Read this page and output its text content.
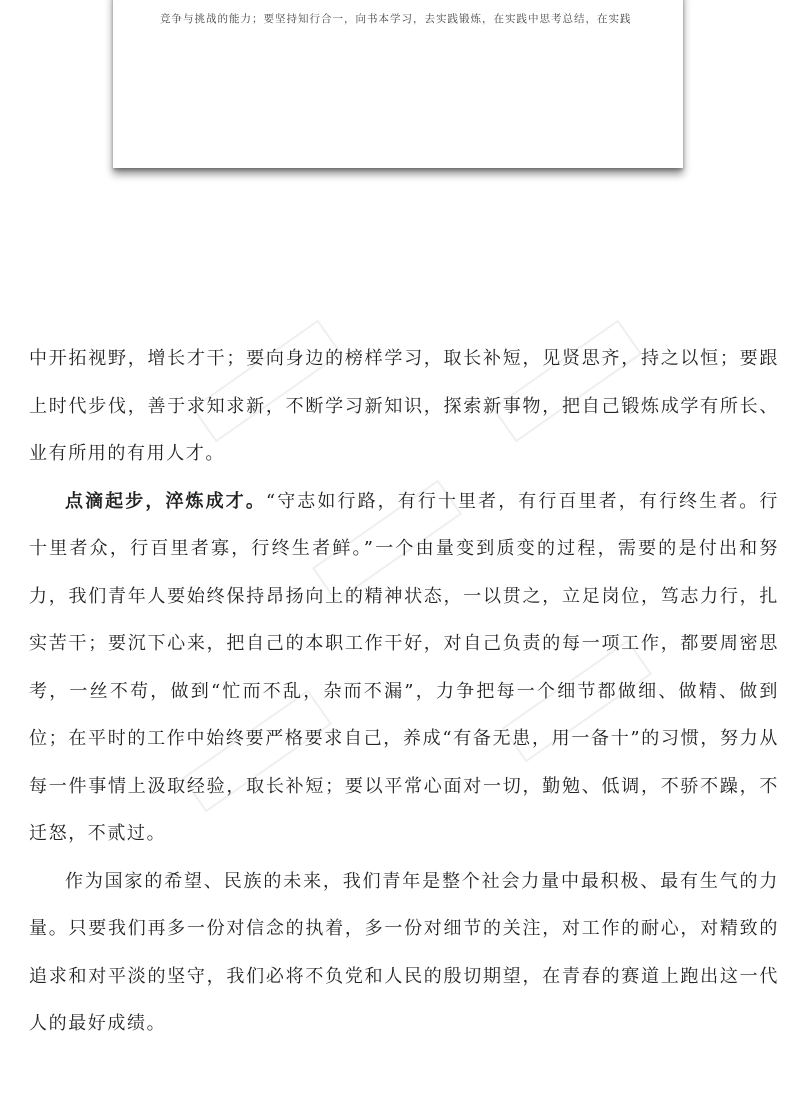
竞争与挑战的能力；要坚持知行合一，向书本学习，去实践锻炼，在实践中思考总结，在实践

中开拓视野，增长才干；要向身边的榜样学习，取长补短，见贤思齐，持之以恒；要跟上时代步伐，善于求知求新，不断学习新知识，探索新事物，把自己锻炼成学有所长、业有所用的有用人才。

点滴起步，淬炼成才。“守志如行路，有行十里者，有行百里者，有行终生者。行十里者众，行百里者寡，行终生者鲜。”一个由量变到质变的过程，需要的是付出和努力，我们青年人要始终保持昂扬向上的精神状态，一以贯之，立足岗位，笃志力行，扎实苦干；要沉下心来，把自己的本职工作干好，对自己负责的每一项工作，都要周密思考，一丝不苟，做到“忙而不乱，杂而不漏”，力争把每一个细节都做细、做精、做到位；在平时的工作中始终要严格要求自己，养成“有备无患，用一备十”的习惯，努力从每一件事情上汲取经验，取长补短；要以平常心面对一切，勤勉、低调，不骄不躁，不迁怒，不贰过。

作为国家的希望、民族的未来，我们青年是整个社会力量中最积极、最有生气的力量。只要我们再多一份对信念的执着，多一份对细节的关注，对工作的耐心，对精致的追求和对平淡的坚守，我们必将不负党和人民的殷切期望，在青春的赛道上跑出这一代人的最好成绩。
